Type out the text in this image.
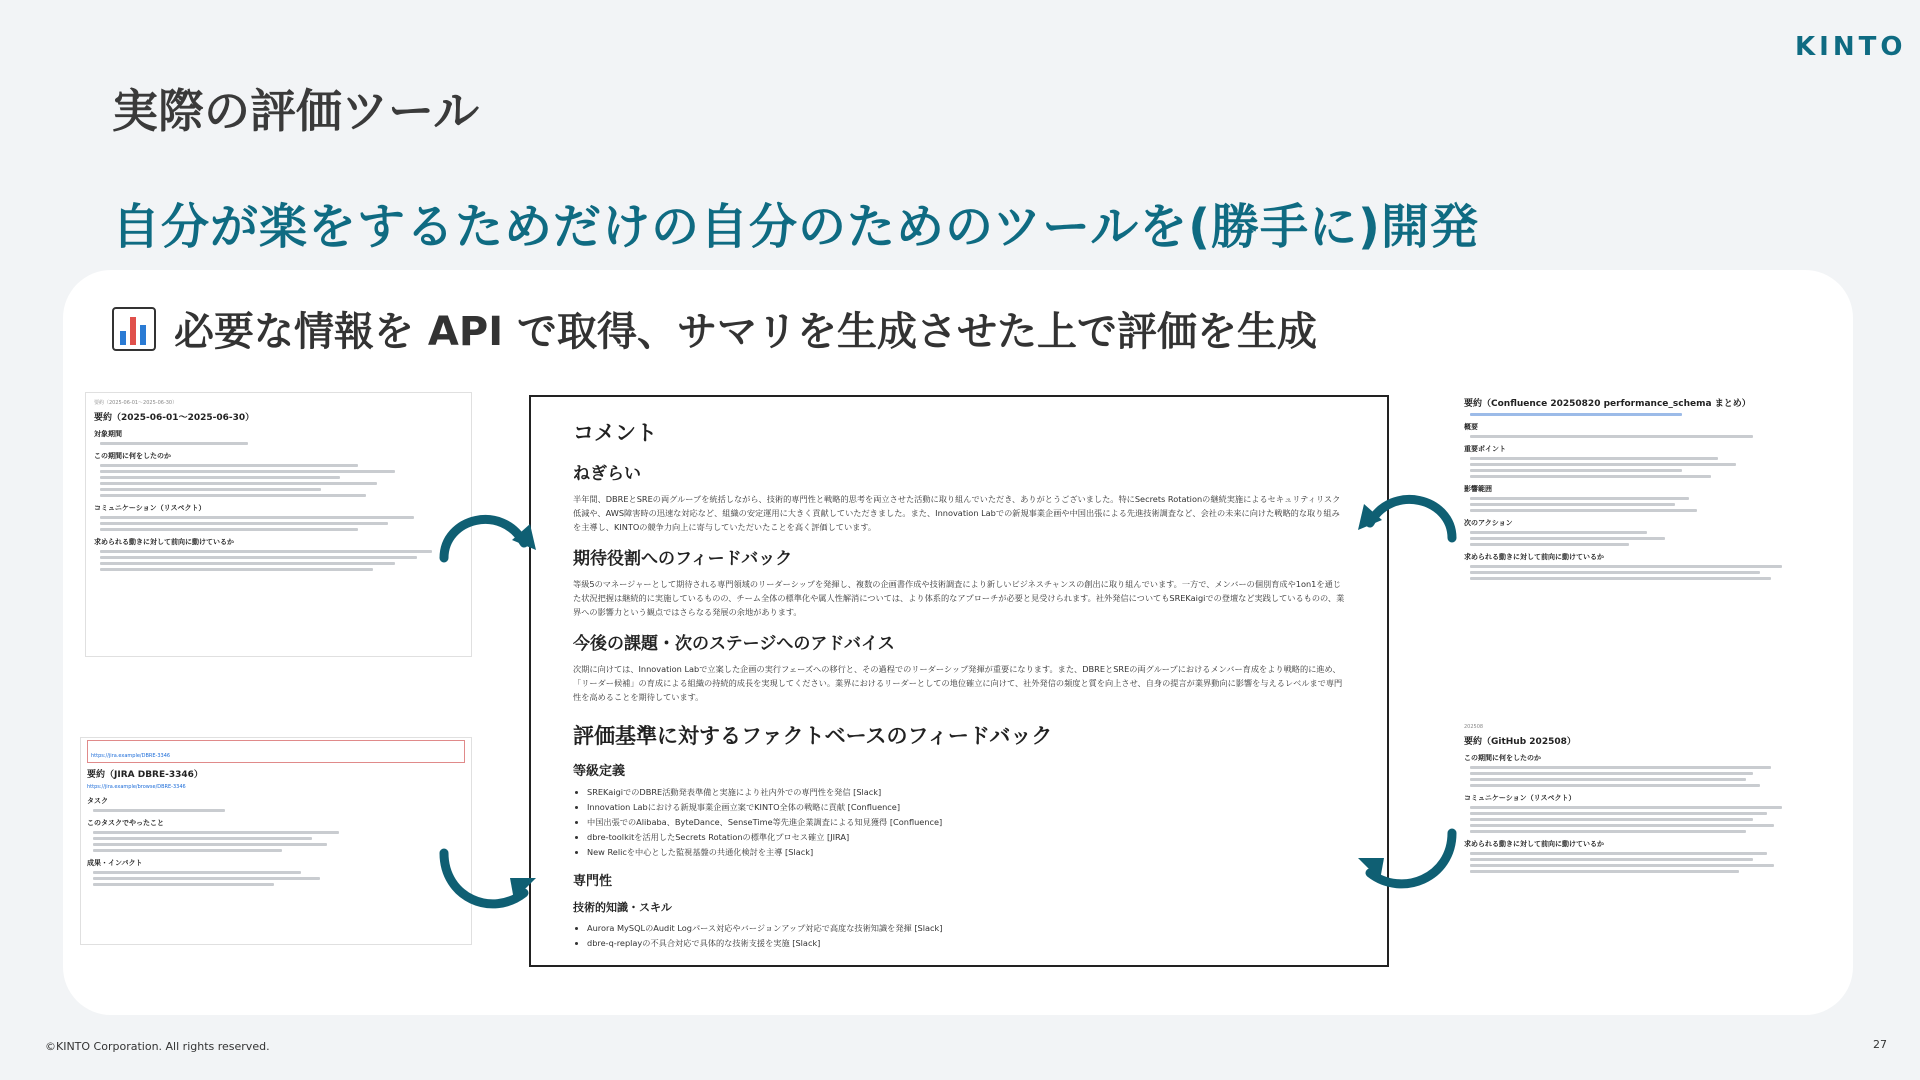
KINTO
実際の評価ツール
自分が楽をするためだけの自分のためのツールを(勝手に)開発
必要な情報を API で取得、サマリを生成させた上で評価を生成
要約（2025-06-01〜2025-06-30）
要約（2025-06-01〜2025-06-30）
対象期間
この期間に何をしたのか
コミュニケーション（リスペクト）
求められる動きに対して前向に動けているか
https://jira.example/DBRE-3346
要約（JIRA DBRE-3346）
https://jira.example/browse/DBRE-3346
タスク
このタスクでやったこと
成果・インパクト
要約（Confluence 20250820 performance_schema まとめ）
概要
重要ポイント
影響範囲
次のアクション
求められる動きに対して前向に動けているか
202508
要約（GitHub 202508）
この期間に何をしたのか
コミュニケーション（リスペクト）
求められる動きに対して前向に動けているか
コメント
ねぎらい

半年間、DBREとSREの両グループを統括しながら、技術的専門性と戦略的思考を両立させた活動に取り組んでいただき、ありがとうございました。特にSecrets Rotationの継続実施によるセキュリティリスク低減や、AWS障害時の迅速な対応など、組織の安定運用に大きく貢献していただきました。また、Innovation Labでの新規事業企画や中国出張による先進技術調査など、会社の未来に向けた戦略的な取り組みを主導し、KINTOの競争力向上に寄与していただいたことを高く評価しています。

期待役割へのフィードバック

等級5のマネージャーとして期待される専門領域のリーダーシップを発揮し、複数の企画書作成や技術調査により新しいビジネスチャンスの創出に取り組んでいます。一方で、メンバーの個別育成や1on1を通じた状況把握は継続的に実施しているものの、チーム全体の標準化や属人性解消については、より体系的なアプローチが必要と見受けられます。社外発信についてもSREKaigiでの登壇など実践しているものの、業界への影響力という観点ではさらなる発展の余地があります。

今後の課題・次のステージへのアドバイス

次期に向けては、Innovation Labで立案した企画の実行フェーズへの移行と、その過程でのリーダーシップ発揮が重要になります。また、DBREとSREの両グループにおけるメンバー育成をより戦略的に進め、「リーダー候補」の育成による組織の持続的成長を実現してください。業界におけるリーダーとしての地位確立に向けて、社外発信の頻度と質を向上させ、自身の提言が業界動向に影響を与えるレベルまで専門性を高めることを期待しています。

評価基準に対するファクトベースのフィードバック
等級定義
• SREKaigiでのDBRE活動発表準備と実施により社内外での専門性を発信 [Slack]
• Innovation Labにおける新規事業企画立案でKINTO全体の戦略に貢献 [Confluence]
• 中国出張でのAlibaba、ByteDance、SenseTime等先進企業調査による知見獲得 [Confluence]
• dbre-toolkitを活用したSecrets Rotationの標準化プロセス確立 [JIRA]
• New Relicを中心とした監視基盤の共通化検討を主導 [Slack]
専門性
技術的知識・スキル
• Aurora MySQLのAudit Logパース対応やバージョンアップ対応で高度な技術知識を発揮 [Slack]
• dbre-q-replayの不具合対応で具体的な技術支援を実施 [Slack]
©KINTO Corporation. All rights reserved.	27
